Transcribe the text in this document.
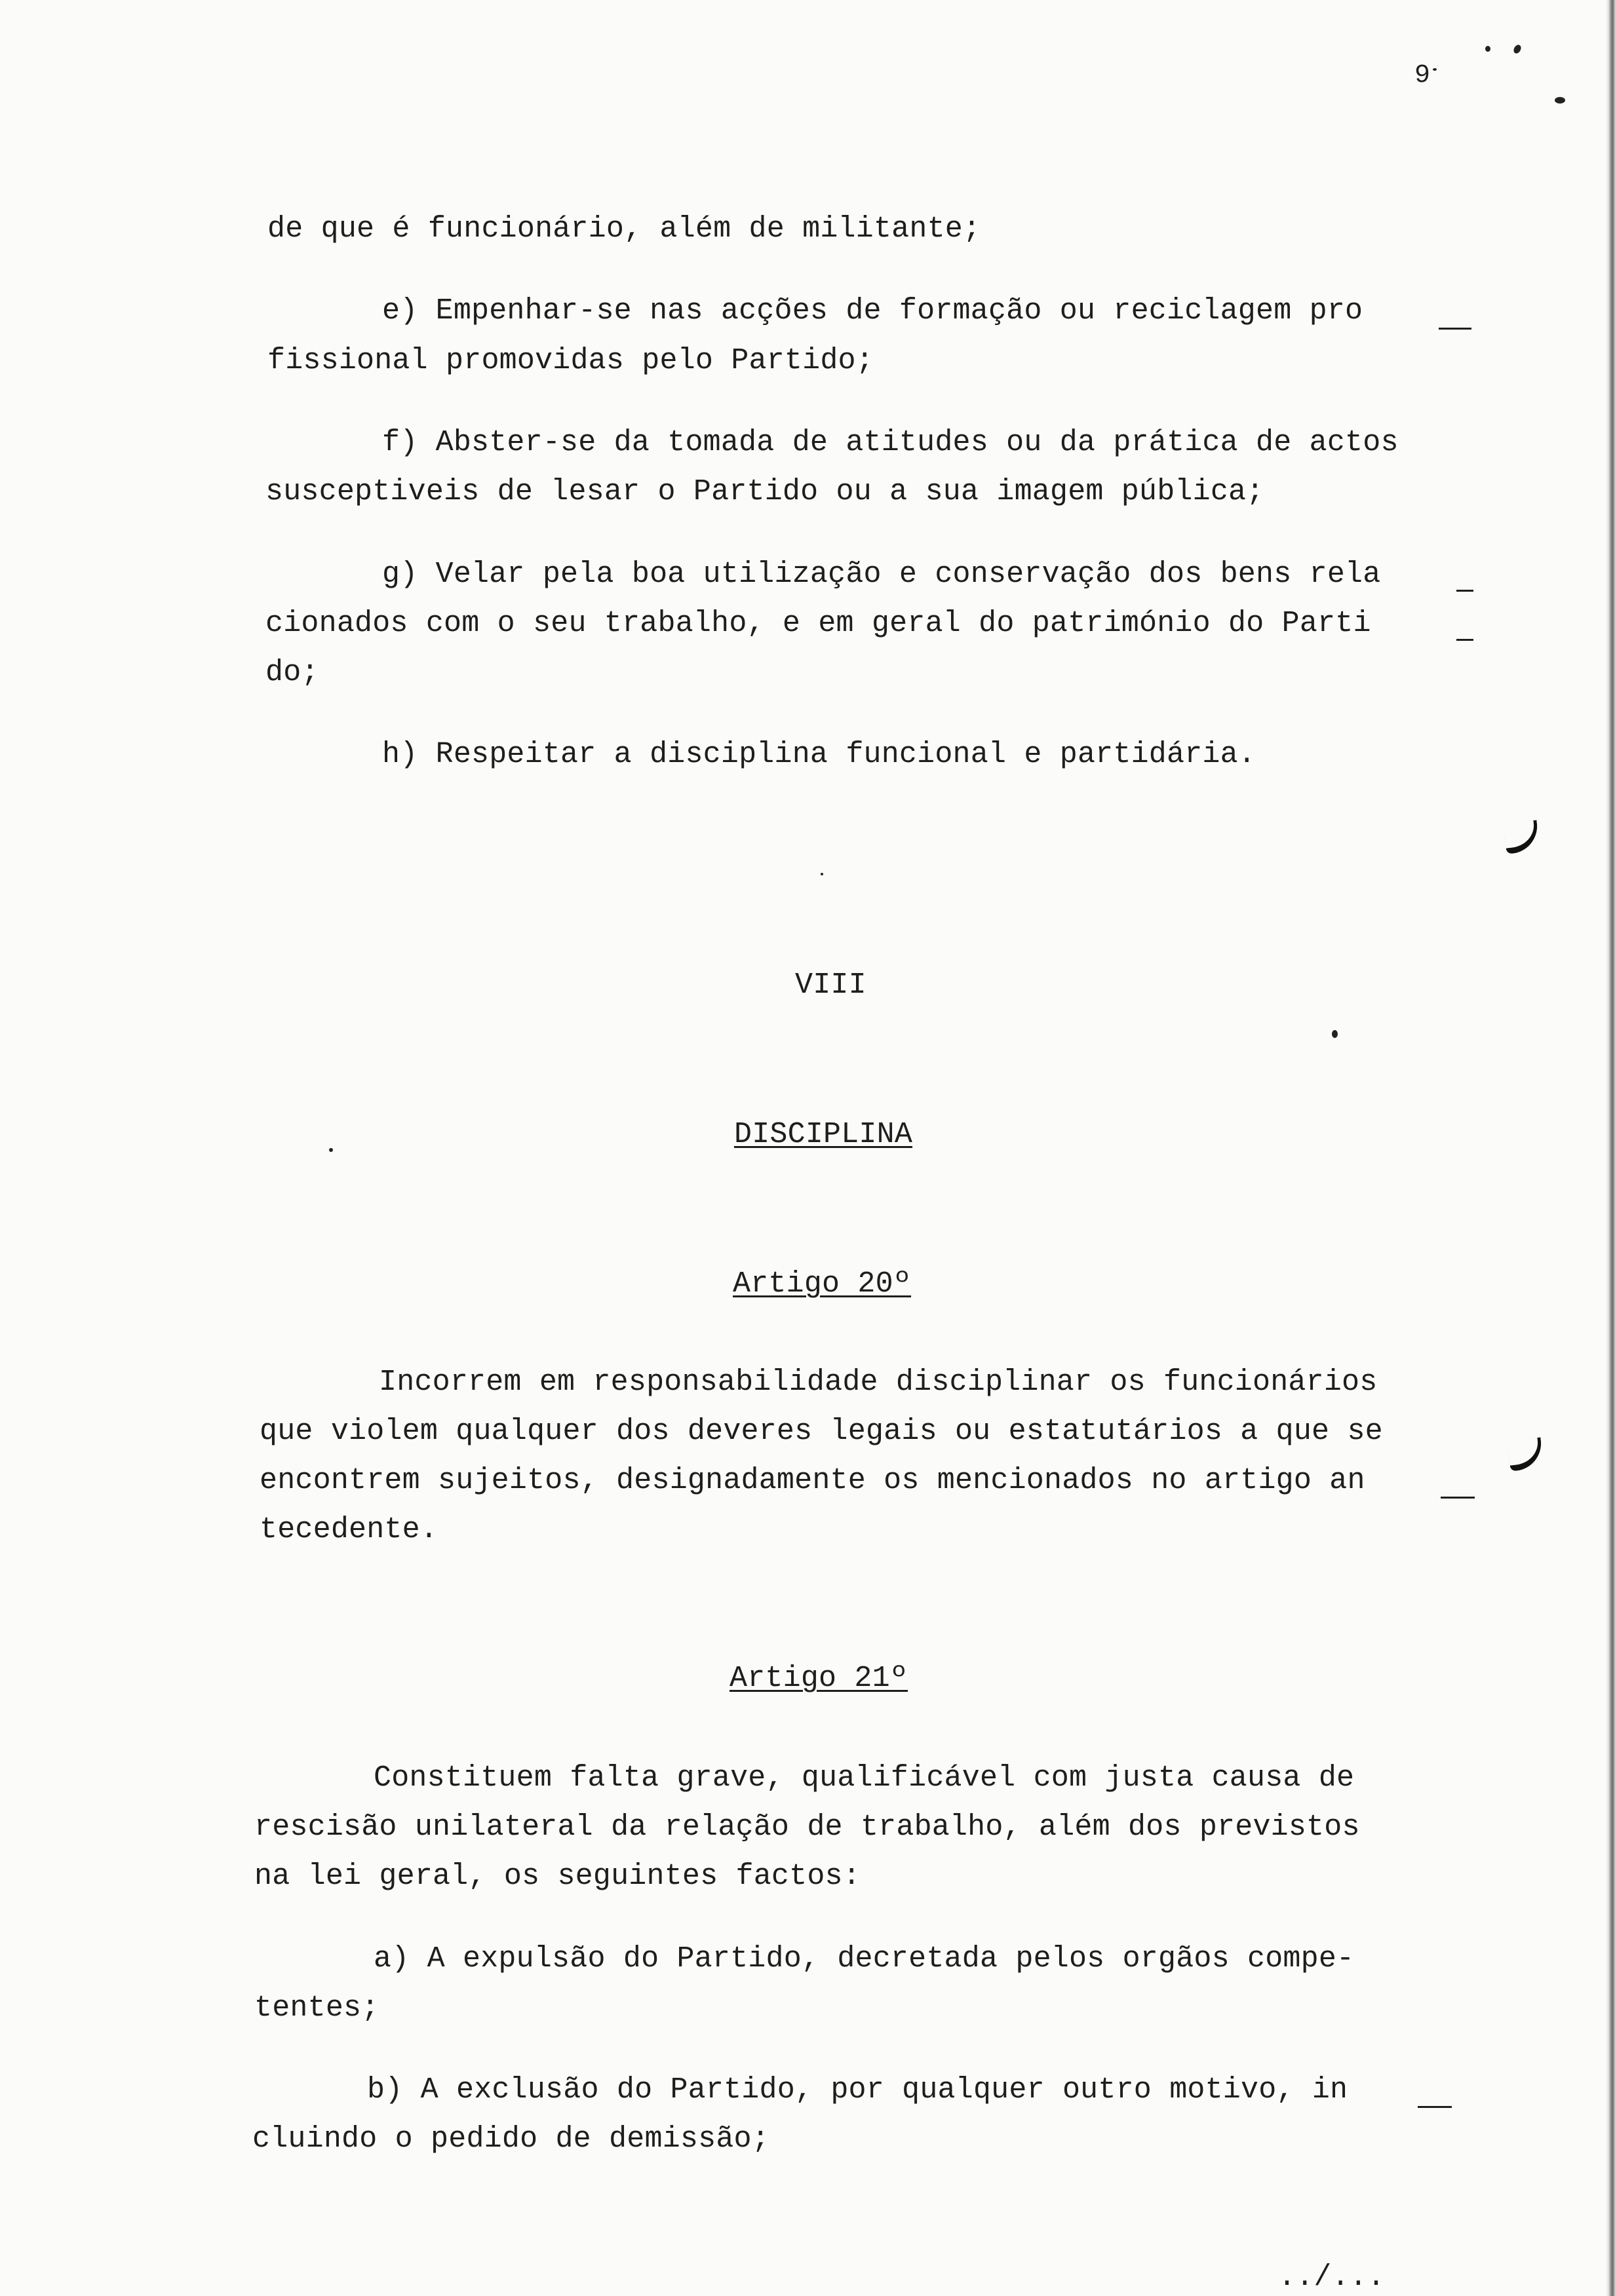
9
de que é funcionário, além de militante;
e) Empenhar-se nas acções de formação ou reciclagem pro
fissional promovidas pelo Partido;
f) Abster-se da tomada de atitudes ou da prática de actos
susceptiveis de lesar o Partido ou a sua imagem pública;
g) Velar pela boa utilização e conservação dos bens rela
cionados com o seu trabalho, e em geral do património do Parti
do;
h) Respeitar a disciplina funcional e partidária.
VIII
DISCIPLINA
Artigo 20º
Incorrem em responsabilidade disciplinar os funcionários
que violem qualquer dos deveres legais ou estatutários a que se
encontrem sujeitos, designadamente os mencionados no artigo an
tecedente.
Artigo 21º
Constituem falta grave, qualificável com justa causa de
rescisão unilateral da relação de trabalho, além dos previstos
na lei geral, os seguintes factos:
a) A expulsão do Partido, decretada pelos orgãos compe-
tentes;
b) A exclusão do Partido, por qualquer outro motivo, in
cluindo o pedido de demissão;
../...
